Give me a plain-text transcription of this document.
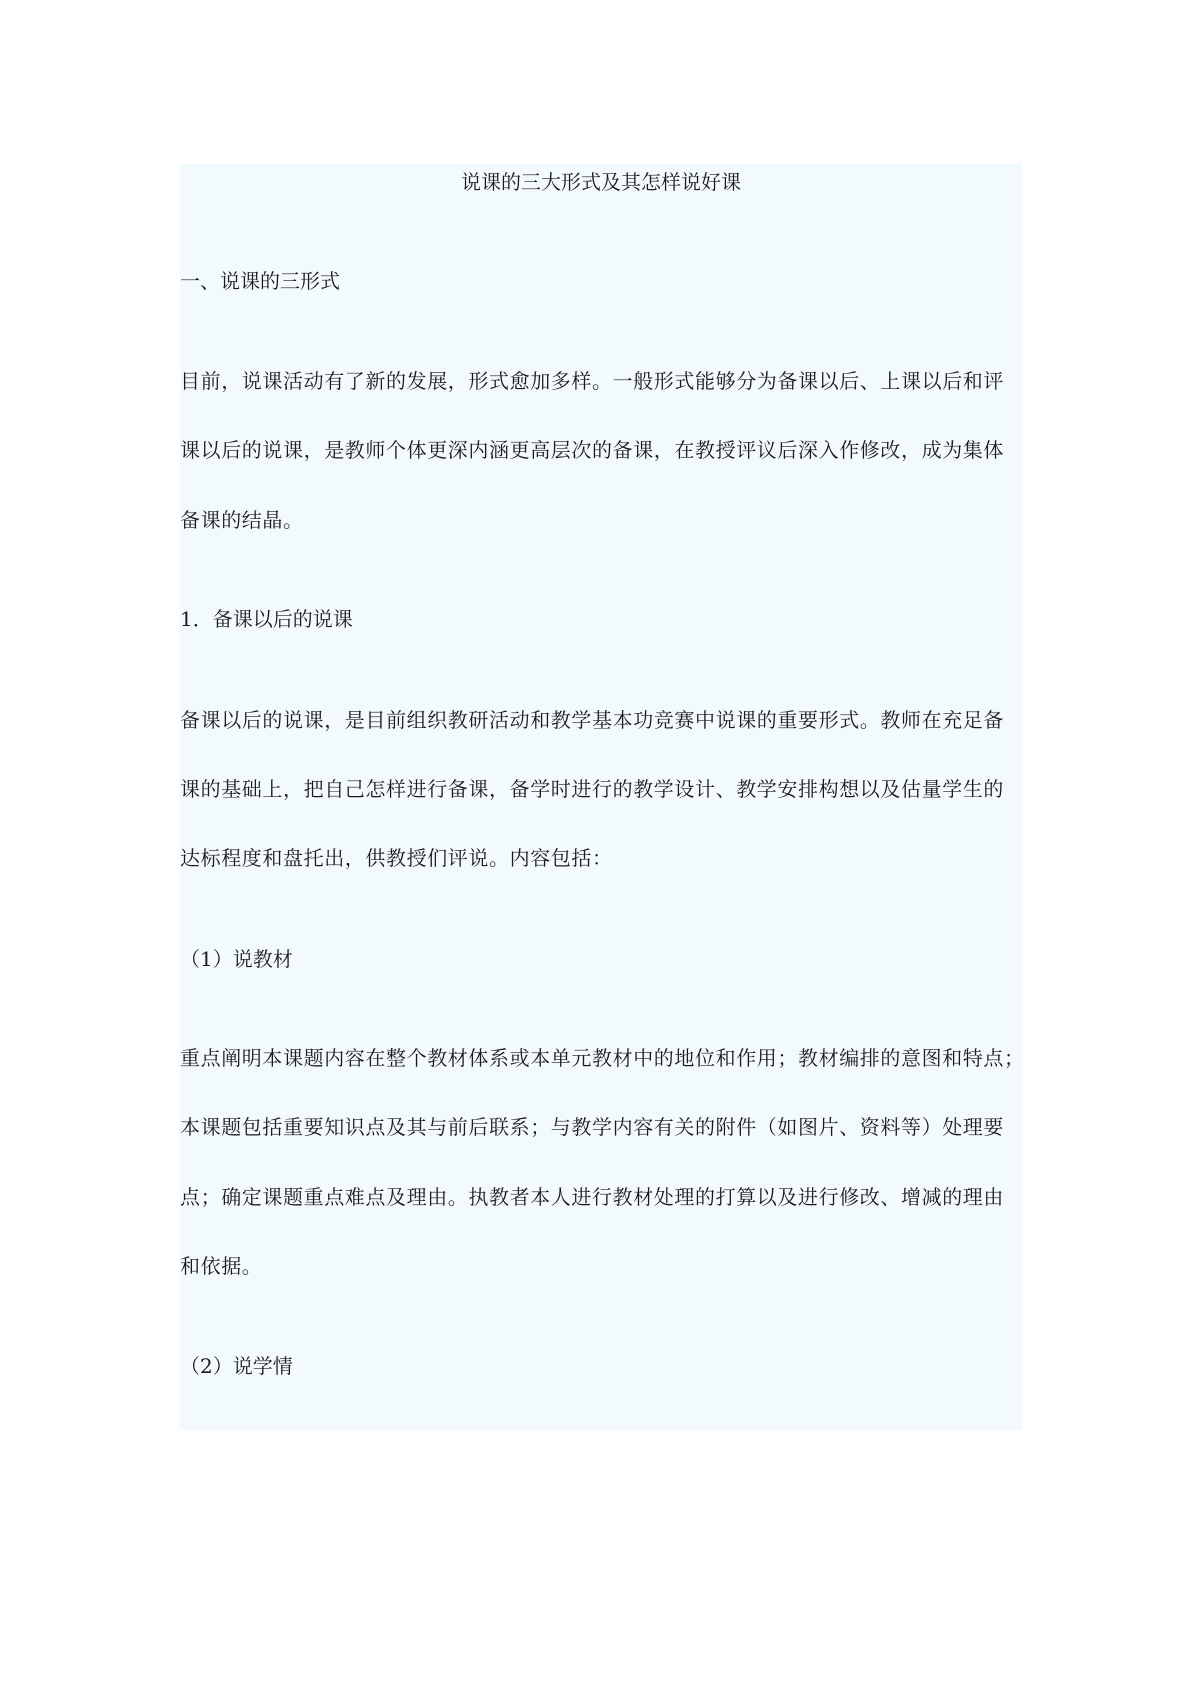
说课的三大形式及其怎样说好课

一、说课的三形式

目前，说课活动有了新的发展，形式愈加多样。一般形式能够分为备课以后、上课以后和评

课以后的说课，是教师个体更深内涵更高层次的备课，在教授评议后深入作修改，成为集体

备课的结晶。

1．备课以后的说课

备课以后的说课，是目前组织教研活动和教学基本功竞赛中说课的重要形式。教师在充足备

课的基础上，把自己怎样进行备课，备学时进行的教学设计、教学安排构想以及估量学生的

达标程度和盘托出，供教授们评说。内容包括：

（1）说教材

重点阐明本课题内容在整个教材体系或本单元教材中的地位和作用；教材编排的意图和特点；

本课题包括重要知识点及其与前后联系；与教学内容有关的附件（如图片、资料等）处理要

点；确定课题重点难点及理由。执教者本人进行教材处理的打算以及进行修改、增减的理由

和依据。

（2）说学情
